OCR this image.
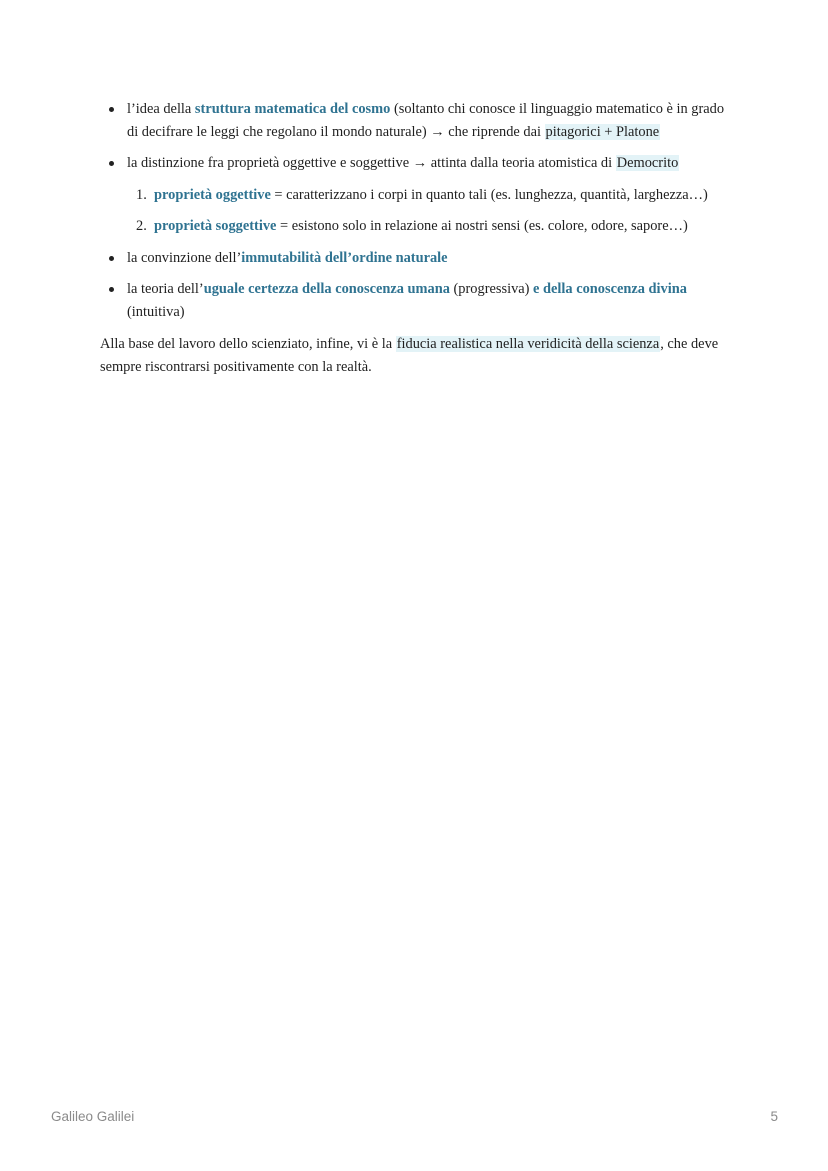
l’idea della struttura matematica del cosmo (soltanto chi conosce il linguaggio matematico è in grado di decifrare le leggi che regolano il mondo naturale) → che riprende dai pitagorici + Platone
la distinzione fra proprietà oggettive e soggettive → attinta dalla teoria atomistica di Democrito
1. proprietà oggettive = caratterizzano i corpi in quanto tali (es. lunghezza, quantità, larghezza…)
2. proprietà soggettive = esistono solo in relazione ai nostri sensi (es. colore, odore, sapore…)
la convinzione dell’immutabilità dell’ordine naturale
la teoria dell’uguale certezza della conoscenza umana (progressiva) e della conoscenza divina (intuitiva)

Alla base del lavoro dello scienziato, infine, vi è la fiducia realistica nella veridicità della scienza, che deve sempre riscontrarsi positivamente con la realtà.

Galileo Galilei	5
